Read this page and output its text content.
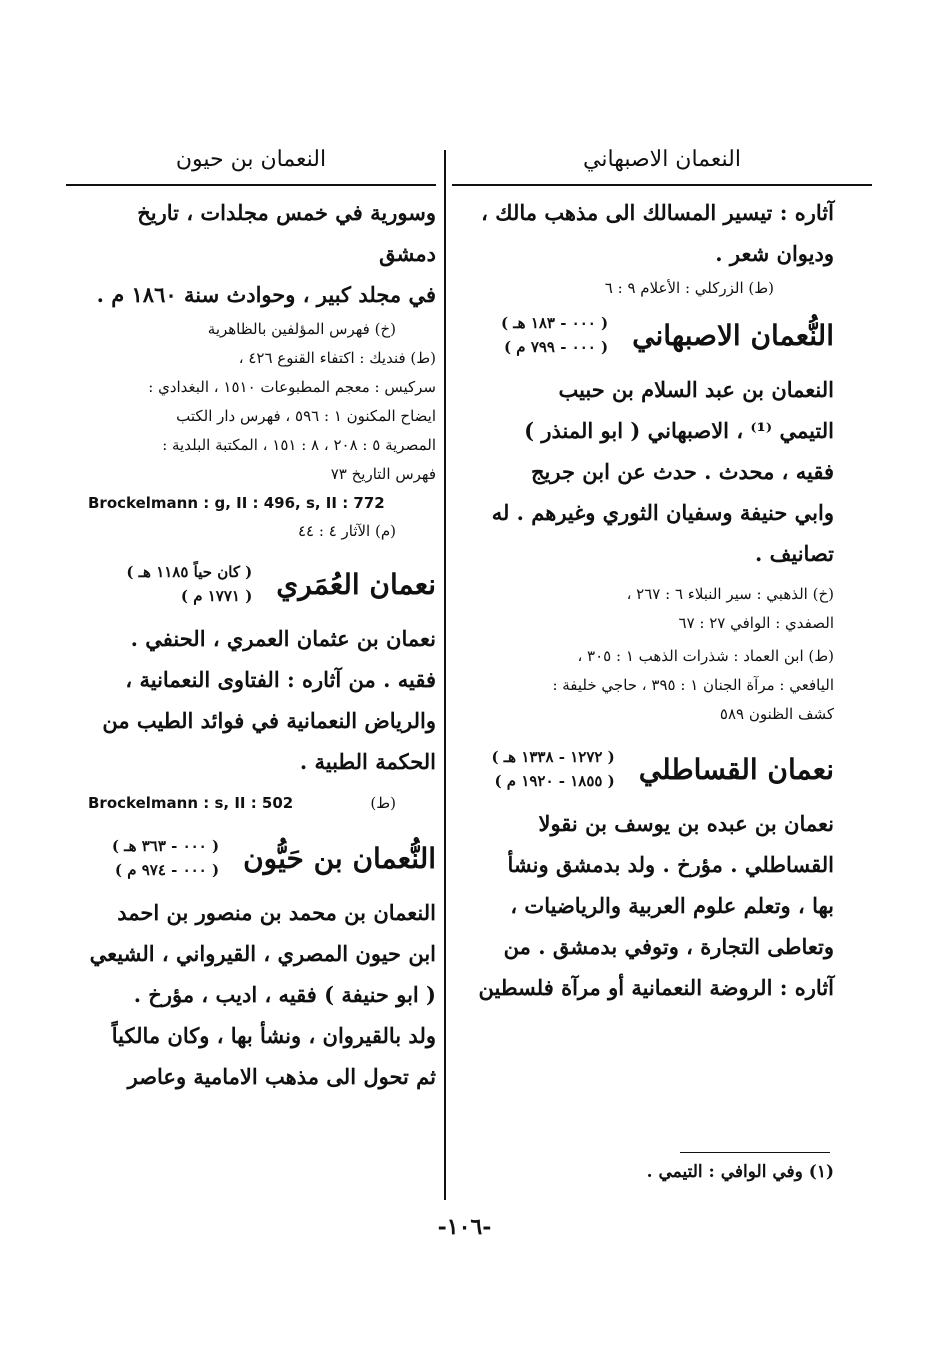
النعمان الاصبهاني
النعمان بن حيون

آثاره : تيسير المسالك الى مذهب مالك ،

وديوان شعر .

(ط) الزركلي : الأعلام ٩ : ٦

النُّعمان الاصبهاني
( ٠٠٠ - ١٨٣ هـ )
( ٠٠٠ - ٧٩٩ م )

النعمان بن عبد السلام بن حبيب

التيمي ⁽¹⁾ ، الاصبهاني ( ابو المنذر )

فقيه ، محدث . حدث عن ابن جريج

وابي حنيفة وسفيان الثوري وغيرهم . له

تصانيف .

(خ) الذهبي : سير النبلاء ٦ : ٢٦٧ ،

الصفدي : الوافي ٢٧ : ٦٧

(ط) ابن العماد : شذرات الذهب ١ : ٣٠٥ ،

اليافعي : مرآة الجنان ١ : ٣٩٥ ، حاجي خليفة :

كشف الظنون ٥٨٩

نعمان القساطلي
( ١٢٧٢ - ١٣٣٨ هـ )
( ١٨٥٥ - ١٩٢٠ م )

نعمان بن عبده بن يوسف بن نقولا

القساطلي . مؤرخ . ولد بدمشق ونشأ

بها ، وتعلم علوم العربية والرياضيات ،

وتعاطى التجارة ، وتوفي بدمشق . من

آثاره : الروضة النعمانية أو مرآة فلسطين

(١) وفي الوافي : التيمي .

وسورية في خمس مجلدات ، تاريخ دمشق

في مجلد كبير ، وحوادث سنة ١٨٦٠ م .

(خ) فهرس المؤلفين بالظاهرية

(ط) فنديك : اكتفاء القنوع ٤٢٦ ،

سركيس : معجم المطبوعات ١٥١٠ ، البغدادي :

ايضاح المكنون ١ : ٥٩٦ ، فهرس دار الكتب

المصرية ٥ : ٢٠٨ ، ٨ : ١٥١ ، المكتبة البلدية :

فهرس التاريخ ٧٣

Brockelmann : g, II : 496, s, II : 772

(م) الآثار ٤ : ٤٤

نعمان العُمَري
( كان حياً ١١٨٥ هـ )
( ١٧٧١ م )

نعمان بن عثمان العمري ، الحنفي .

فقيه . من آثاره : الفتاوى النعمانية ،

والرياض النعمانية في فوائد الطيب من

الحكمة الطبية .

Brockelmann : s, II : 502	(ط)
النُّعمان بن حَيُّون
( ٠٠٠ - ٣٦٣ هـ )
( ٠٠٠ - ٩٧٤ م )

النعمان بن محمد بن منصور بن احمد

ابن حيون المصري ، القيرواني ، الشيعي

( ابو حنيفة ) فقيه ، اديب ، مؤرخ .

ولد بالقيروان ، ونشأ بها ، وكان مالكياً

ثم تحول الى مذهب الامامية وعاصر

-١٠٦-
